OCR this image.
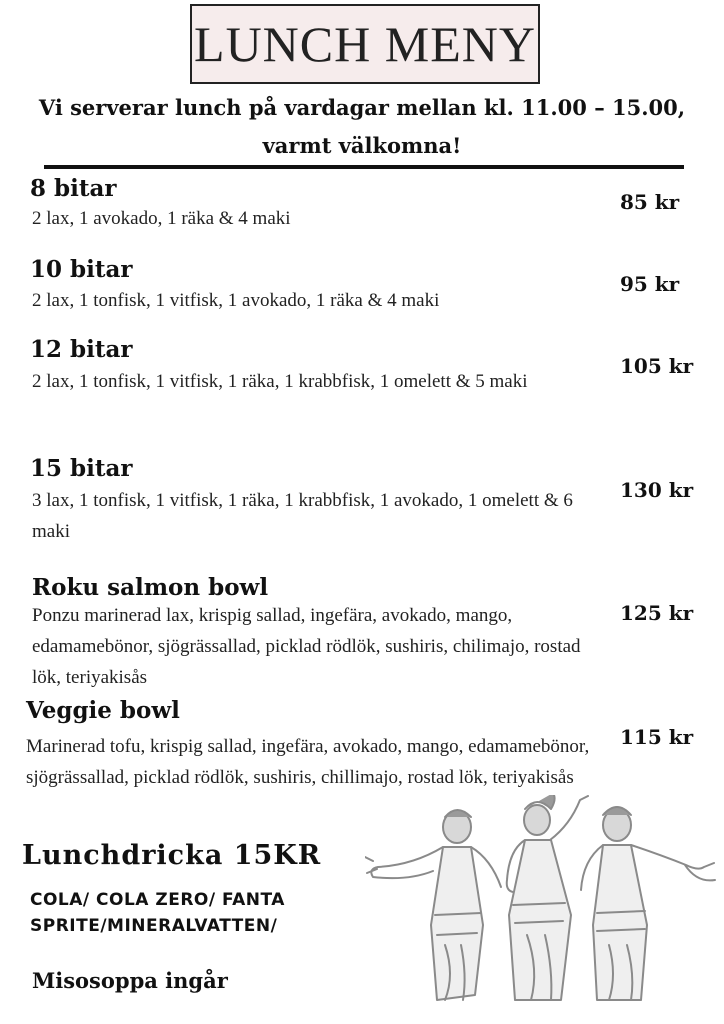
LUNCH MENY
Vi serverar lunch på vardagar mellan kl. 11.00 – 15.00,
varmt välkomna!
8 bitar
2 lax, 1 avokado, 1 räka & 4 maki
85 kr
10 bitar
2 lax, 1 tonfisk, 1 vitfisk, 1 avokado, 1 räka & 4 maki
95 kr
12 bitar
2 lax, 1 tonfisk, 1 vitfisk, 1 räka, 1 krabbfisk, 1 omelett & 5 maki
105 kr
15 bitar
3 lax, 1 tonfisk, 1 vitfisk, 1 räka, 1 krabbfisk, 1 avokado, 1 omelett & 6 maki
130 kr
Roku salmon bowl
Ponzu marinerad lax, krispig sallad, ingefära, avokado, mango, edamamebönor, sjögrässallad, picklad rödlök, sushiris, chilimajo, rostad lök, teriyakisås
125 kr
Veggie bowl
Marinerad tofu, krispig sallad, ingefära, avokado, mango, edamamebönor, sjögrässallad, picklad rödlök, sushiris, chillimajo, rostad lök, teriyakisås
115 kr
Lunchdricka 15KR
COLA/ COLA ZERO/ FANTA
SPRITE/MINERALVATTEN/
Misosoppa ingår
